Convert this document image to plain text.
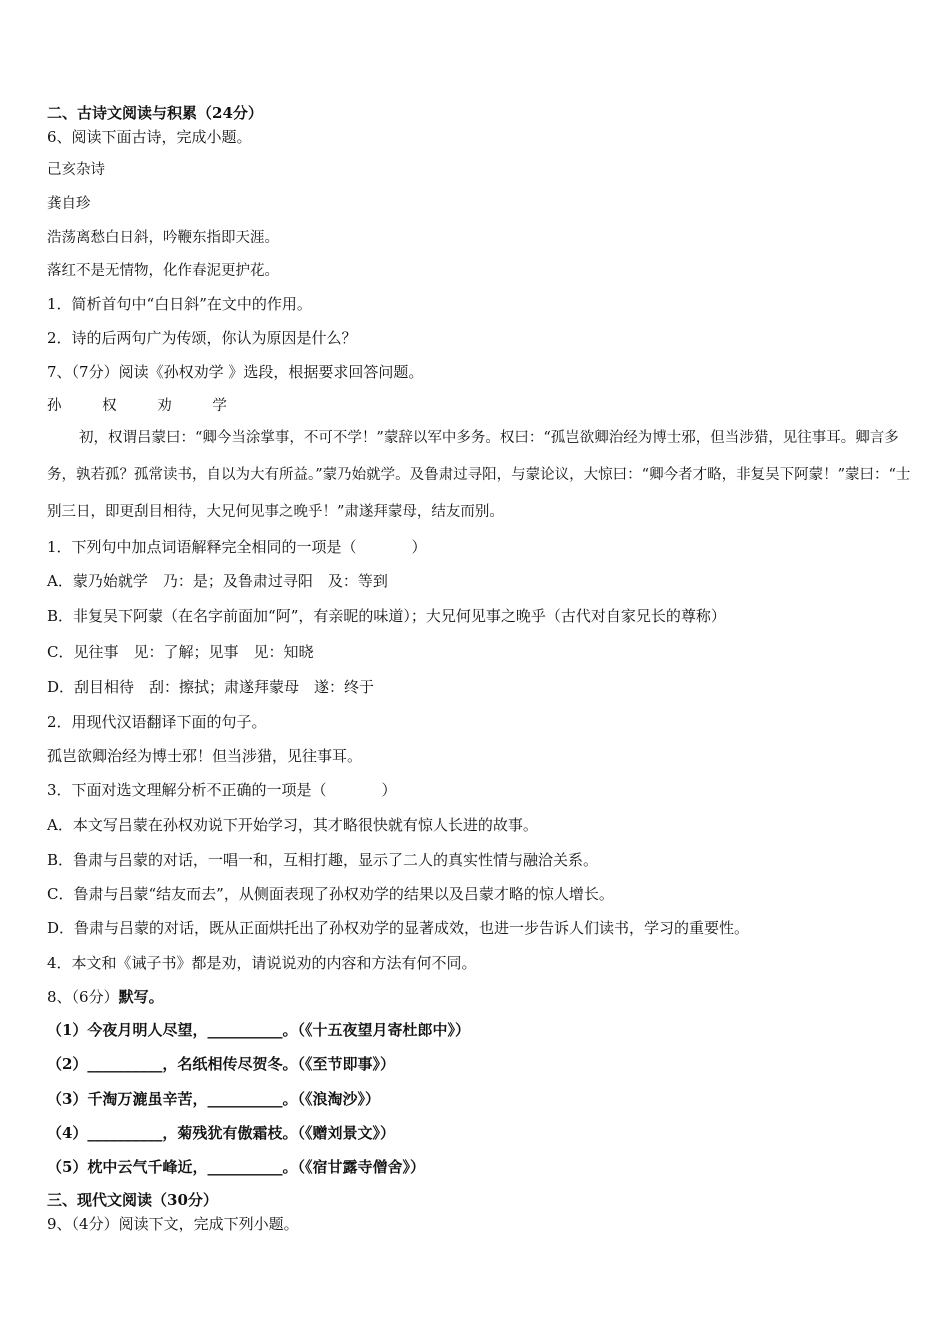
二、古诗文阅读与积累（24分）
6、阅读下面古诗，完成小题。
己亥杂诗
龚自珍
浩荡离愁白日斜，吟鞭东指即天涯。
落红不是无情物，化作春泥更护花。
1．简析首句中“白日斜”在文中的作用。
2．诗的后两句广为传颂，你认为原因是什么？
7、（7分）阅读《孙权劝学 》选段，根据要求回答问题。
孙 权 劝 学
初，权谓吕蒙曰：“卿今当涂掌事，不可不学！”蒙辞以军中多务。权曰：“孤岂欲卿治经为博士邪，但当涉猎，见往事耳。卿言多务，孰若孤？孤常读书，自以为大有所益。”蒙乃始就学。及鲁肃过寻阳，与蒙论议，大惊曰：“卿今者才略，非复吴下阿蒙！”蒙曰：“士别三日，即更刮目相待，大兄何见事之晚乎！”肃遂拜蒙母，结友而别。
1．下列句中加点词语解释完全相同的一项是（	）
A．蒙乃始就学　乃：是；及鲁肃过寻阳　及：等到
B．非复吴下阿蒙（在名字前面加“阿”，有亲昵的味道）；大兄何见事之晚乎（古代对自家兄长的尊称）
C．见往事　见：了解；见事　见：知晓
D．刮目相待　刮：擦拭；肃遂拜蒙母　遂：终于
2．用现代汉语翻译下面的句子。
孤岂欲卿治经为博士邪！但当涉猎，见往事耳。
3．下面对选文理解分析不正确的一项是（	）
A．本文写吕蒙在孙权劝说下开始学习，其才略很快就有惊人长进的故事。
B．鲁肃与吕蒙的对话，一唱一和，互相打趣，显示了二人的真实性情与融洽关系。
C．鲁肃与吕蒙“结友而去”，从侧面表现了孙权劝学的结果以及吕蒙才略的惊人增长。
D．鲁肃与吕蒙的对话，既从正面烘托出了孙权劝学的显著成效，也进一步告诉人们读书，学习的重要性。
4．本文和《诫子书》都是劝，请说说劝的内容和方法有何不同。
8、（6分）默写。
（1）今夜月明人尽望，__________。（《十五夜望月寄杜郎中》）
（2）__________，名纸相传尽贺冬。（《至节即事》）
（3）千淘万漉虽辛苦，__________。（《浪淘沙》）
（4）__________，菊残犹有傲霜枝。（《赠刘景文》）
（5）枕中云气千峰近，__________。（《宿甘露寺僧舍》）
三、现代文阅读（30分）
9、（4分）阅读下文，完成下列小题。
